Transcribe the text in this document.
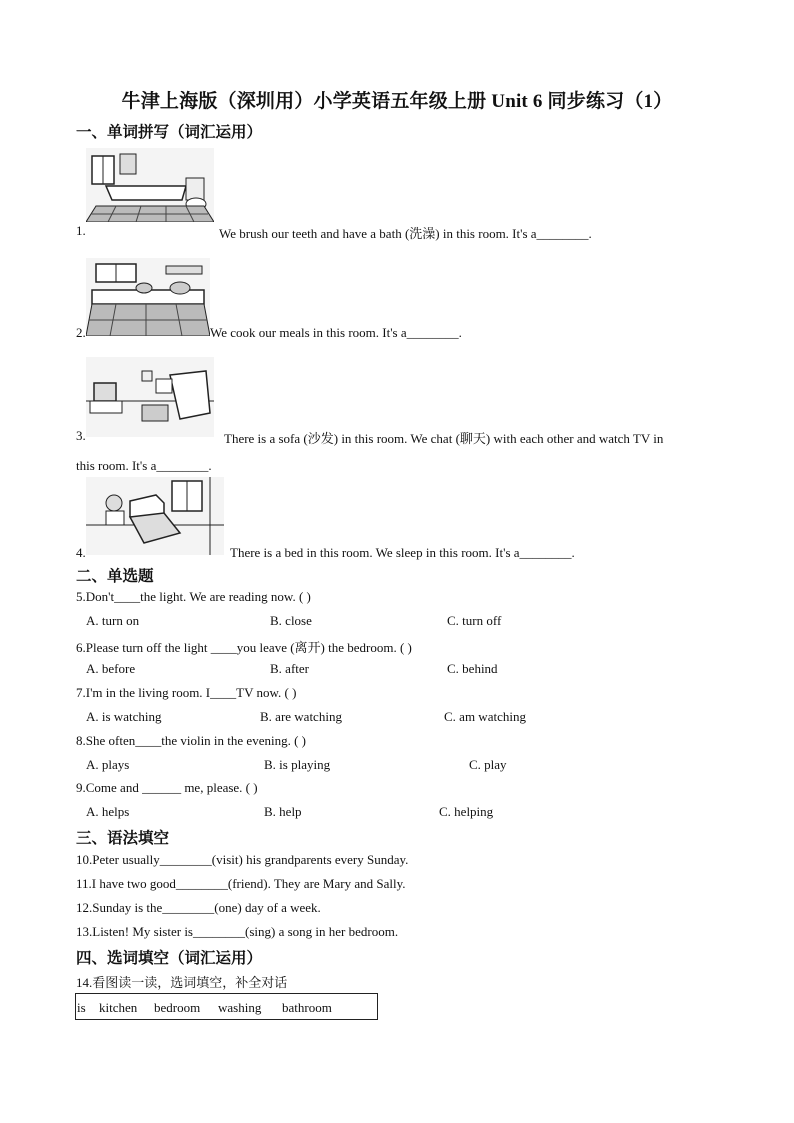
牛津上海版（深圳用）小学英语五年级上册 Unit 6 同步练习（1）
一、单词拼写（词汇运用）
1.	We brush our teeth and have a bath (洗澡) in this room. It's a________.
2.	We cook our meals in this room. It's a________.
3.	There is a sofa (沙发) in this room. We chat (聊天) with each other and watch TV in
this room. It's a________.
4.	There is a bed in this room. We sleep in this room. It's a________.
二、单选题
5.Don't____the light. We are reading now. ( )
A. turn on	B. close	C. turn off
6.Please turn off the light ____you leave (离开) the bedroom. ( )
A. before	B. after	C. behind
7.I'm in the living room. I____TV now. ( )
A. is watching	B. are watching	C. am watching
8.She often____the violin in the evening. ( )
A. plays	B. is playing	C. play
9.Come and ______ me, please. ( )
A. helps	B. help	C. helping
三、语法填空
10.Peter usually________(visit) his grandparents every Sunday.
11.I have two good________(friend). They are Mary and Sally.
12.Sunday is the________(one) day of a week.
13.Listen! My sister is________(sing) a song in her bedroom.
四、选词填空（词汇运用）
14.看图读一读，选词填空，补全对话
is kitchen bedroom washing bathroom
